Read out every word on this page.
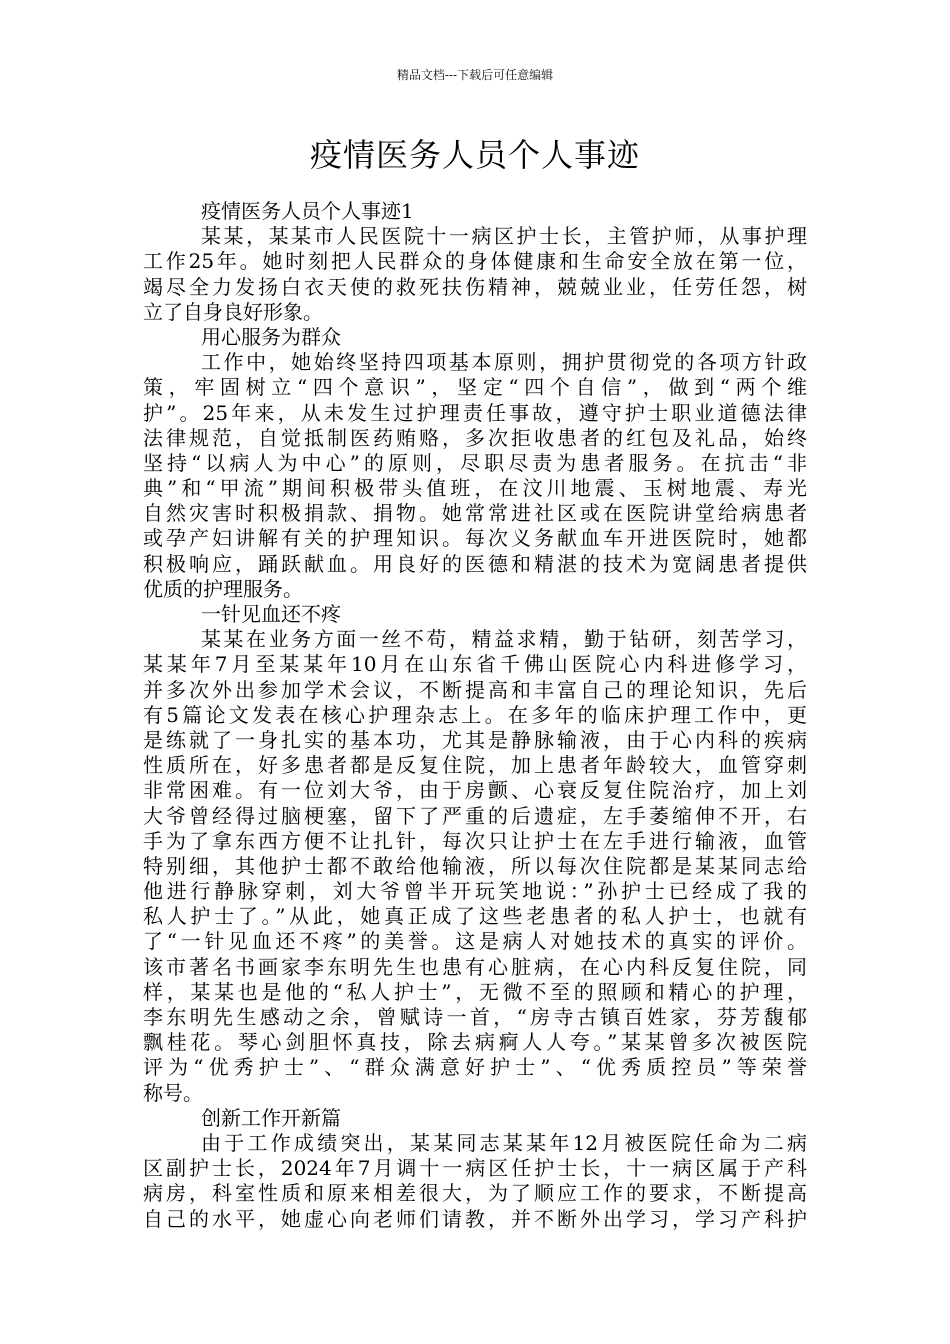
精品文档---下载后可任意编辑
疫情医务人员个人事迹
疫情医务人员个人事迹1
某某，某某市人民医院十一病区护士长，主管护师，从事护理
工作25年。她时刻把人民群众的身体健康和生命安全放在第一位，
竭尽全力发扬白衣天使的救死扶伤精神，兢兢业业，任劳任怨，树
立了自身良好形象。
用心服务为群众
工作中，她始终坚持四项基本原则，拥护贯彻党的各项方针政
策，牢固树立“四个意识”，坚定“四个自信”，做到“两个维
护”。25年来，从未发生过护理责任事故，遵守护士职业道德法律
法律规范，自觉抵制医药贿赂，多次拒收患者的红包及礼品，始终
坚持“以病人为中心”的原则，尽职尽责为患者服务。在抗击“非
典”和“甲流”期间积极带头值班，在汶川地震、玉树地震、寿光
自然灾害时积极捐款、捐物。她常常进社区或在医院讲堂给病患者
或孕产妇讲解有关的护理知识。每次义务献血车开进医院时，她都
积极响应，踊跃献血。用良好的医德和精湛的技术为宽阔患者提供
优质的护理服务。
一针见血还不疼
某某在业务方面一丝不苟，精益求精，勤于钻研，刻苦学习，
某某年7月至某某年10月在山东省千佛山医院心内科进修学习，
并多次外出参加学术会议，不断提高和丰富自己的理论知识，先后
有5篇论文发表在核心护理杂志上。在多年的临床护理工作中，更
是练就了一身扎实的基本功，尤其是静脉输液，由于心内科的疾病
性质所在，好多患者都是反复住院，加上患者年龄较大，血管穿刺
非常困难。有一位刘大爷，由于房颤、心衰反复住院治疗，加上刘
大爷曾经得过脑梗塞，留下了严重的后遗症，左手萎缩伸不开，右
手为了拿东西方便不让扎针，每次只让护士在左手进行输液，血管
特别细，其他护士都不敢给他输液，所以每次住院都是某某同志给
他进行静脉穿刺，刘大爷曾半开玩笑地说：”孙护士已经成了我的
私人护士了。”从此，她真正成了这些老患者的私人护士，也就有
了“一针见血还不疼”的美誉。这是病人对她技术的真实的评价。
该市著名书画家李东明先生也患有心脏病，在心内科反复住院，同
样，某某也是他的“私人护士”，无微不至的照顾和精心的护理，
李东明先生感动之余，曾赋诗一首，“房寺古镇百姓家，芬芳馥郁
飘桂花。琴心剑胆怀真技，除去病痾人人夸。”某某曾多次被医院
评为“优秀护士”、“群众满意好护士”、“优秀质控员”等荣誉
称号。
创新工作开新篇
由于工作成绩突出，某某同志某某年12月被医院任命为二病
区副护士长，2024年7月调十一病区任护士长，十一病区属于产科
病房，科室性质和原来相差很大，为了顺应工作的要求，不断提高
自己的水平，她虚心向老师们请教，并不断外出学习，学习产科护
